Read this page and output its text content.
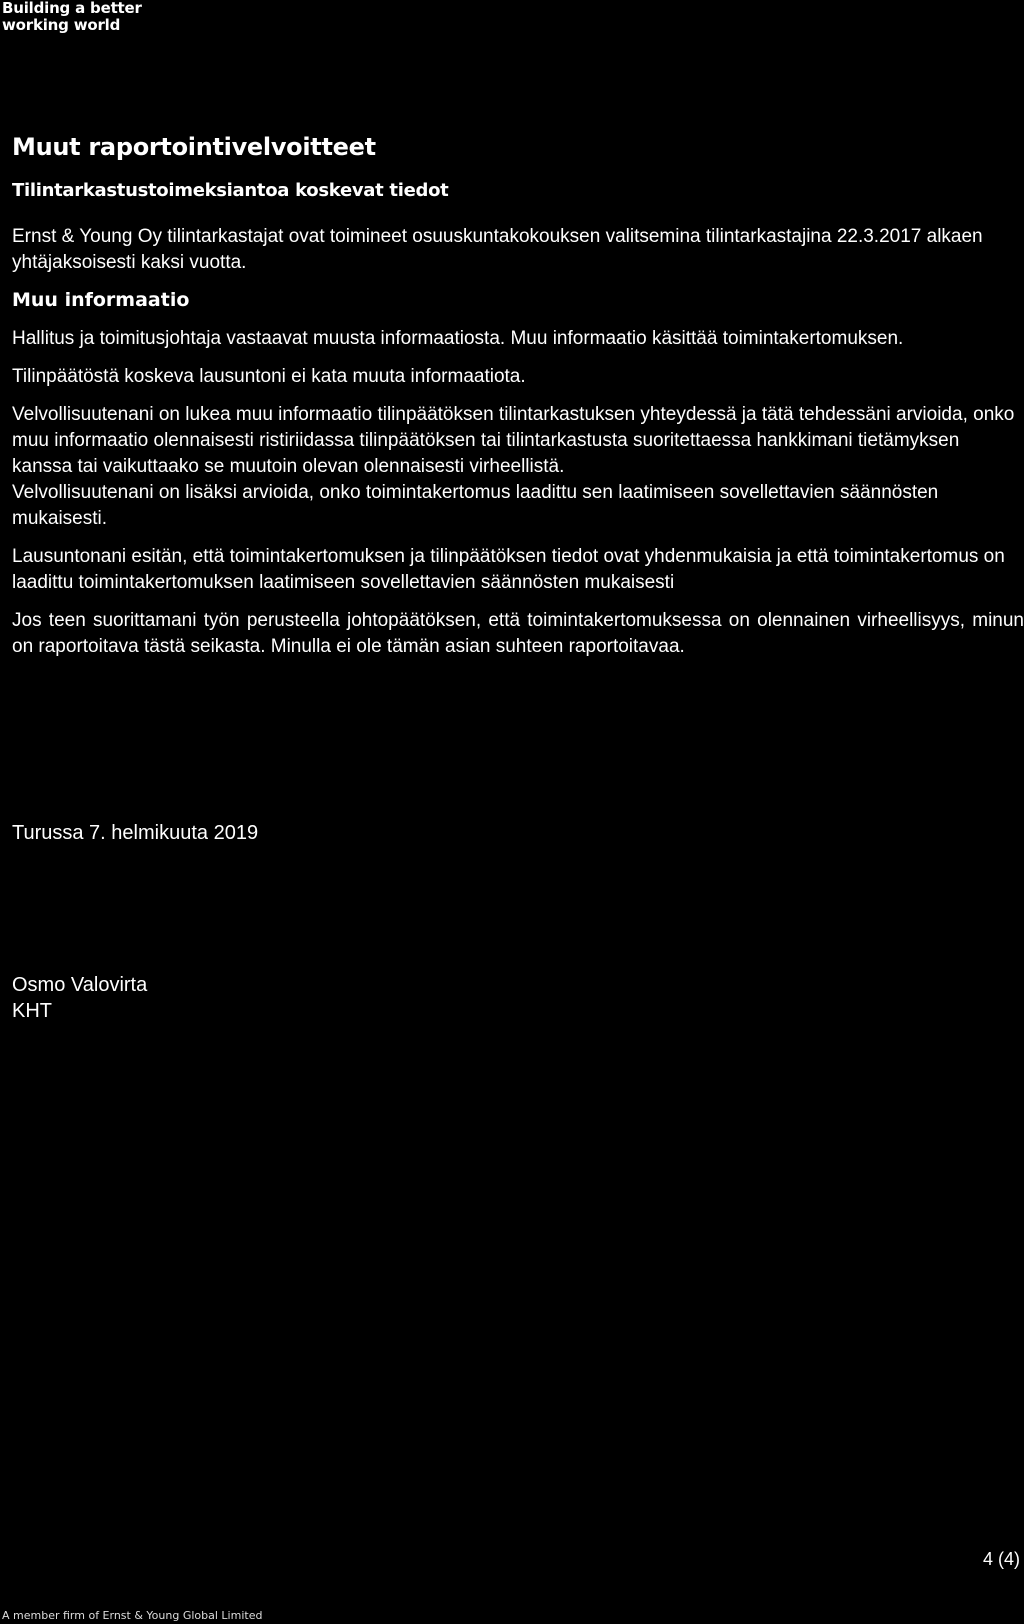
Building a better
working world
Muut raportointivelvoitteet
Tilintarkastustoimeksiantoa koskevat tiedot

Ernst & Young Oy tilintarkastajat ovat toimineet osuuskuntakokouksen valitsemina tilintarkastajina 22.3.2017 alkaen yhtäjaksoisesti kaksi vuotta.

Muu informaatio

Hallitus ja toimitusjohtaja vastaavat muusta informaatiosta. Muu informaatio käsittää toimintakertomuksen.

Tilinpäätöstä koskeva lausuntoni ei kata muuta informaatiota.

Velvollisuutenani on lukea muu informaatio tilinpäätöksen tilintarkastuksen yhteydessä ja tätä tehdessäni arvioida, onko muu informaatio olennaisesti ristiriidassa tilinpäätöksen tai tilintarkastusta suoritettaessa hankkimani tietämyksen kanssa tai vaikuttaako se muutoin olevan olennaisesti virheellistä.

Velvollisuutenani on lisäksi arvioida, onko toimintakertomus laadittu sen laatimiseen sovellettavien säännösten mukaisesti.

Lausuntonani esitän, että toimintakertomuksen ja tilinpäätöksen tiedot ovat yhdenmukaisia ja että toimintakertomus on laadittu toimintakertomuksen laatimiseen sovellettavien säännösten mukaisesti

Jos teen suorittamani työn perusteella johtopäätöksen, että toimintakertomuksessa on olennainen virheellisyys, minun on raportoitava tästä seikasta. Minulla ei ole tämän asian suhteen raportoitavaa.

Turussa 7. helmikuuta 2019
Osmo Valovirta
KHT
4 (4)
A member firm of Ernst & Young Global Limited
